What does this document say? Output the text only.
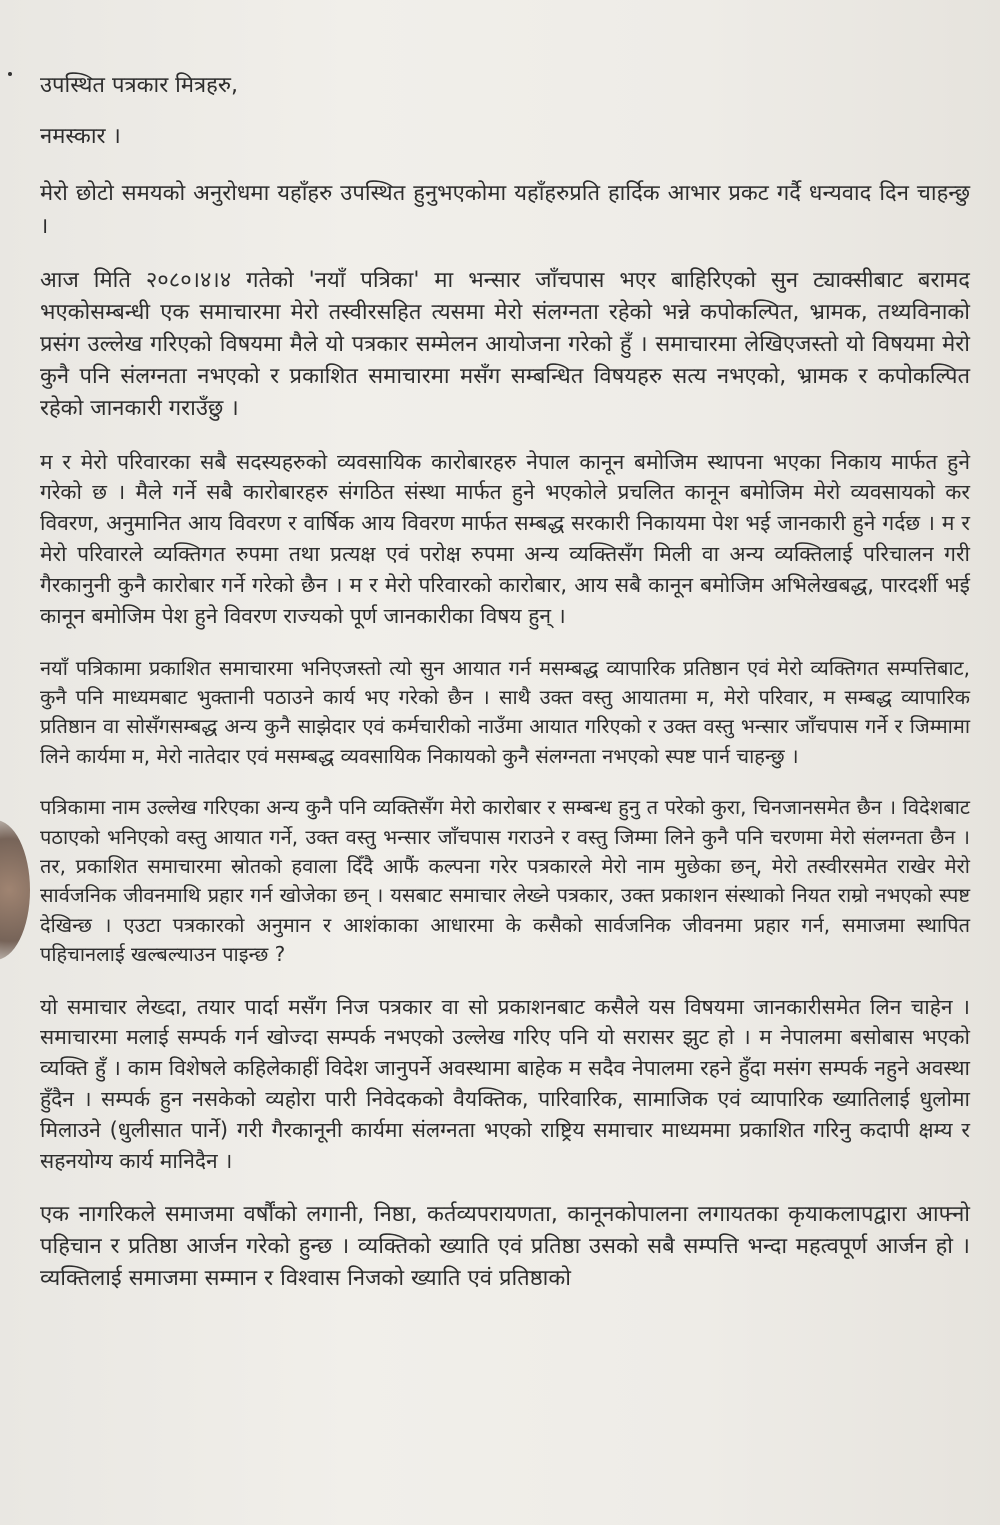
उपस्थित पत्रकार मित्रहरु,
नमस्कार ।

मेरो छोटो समयको अनुरोधमा यहाँहरु उपस्थित हुनुभएकोमा यहाँहरुप्रति हार्दिक आभार प्रकट गर्दै धन्यवाद दिन चाहन्छु ।

आज मिति २०८०।४।४ गतेको 'नयाँ पत्रिका' मा भन्सार जाँचपास भएर बाहिरिएको सुन ट्याक्सीबाट बरामद भएकोसम्बन्धी एक समाचारमा मेरो तस्वीरसहित त्यसमा मेरो संलग्नता रहेको भन्ने कपोकल्पित, भ्रामक, तथ्यविनाको प्रसंग उल्लेख गरिएको विषयमा मैले यो पत्रकार सम्मेलन आयोजना गरेको हुँ । समाचारमा लेखिएजस्तो यो विषयमा मेरो कुनै पनि संलग्नता नभएको र प्रकाशित समाचारमा मसँग सम्बन्धित विषयहरु सत्य नभएको, भ्रामक र कपोकल्पित रहेको जानकारी गराउँछु ।

म र मेरो परिवारका सबै सदस्यहरुको व्यवसायिक कारोबारहरु नेपाल कानून बमोजिम स्थापना भएका निकाय मार्फत हुने गरेको छ । मैले गर्ने सबै कारोबारहरु संगठित संस्था मार्फत हुने भएकोले प्रचलित कानून बमोजिम मेरो व्यवसायको कर विवरण, अनुमानित आय विवरण र वार्षिक आय विवरण मार्फत सम्बद्ध सरकारी निकायमा पेश भई जानकारी हुने गर्दछ । म र मेरो परिवारले व्यक्तिगत रुपमा तथा प्रत्यक्ष एवं परोक्ष रुपमा अन्य व्यक्तिसँग मिली वा अन्य व्यक्तिलाई परिचालन गरी गैरकानुनी कुनै कारोबार गर्ने गरेको छैन । म र मेरो परिवारको कारोबार, आय सबै कानून बमोजिम अभिलेखबद्ध, पारदर्शी भई कानून बमोजिम पेश हुने विवरण राज्यको पूर्ण जानकारीका विषय हुन् ।

नयाँ पत्रिकामा प्रकाशित समाचारमा भनिएजस्तो त्यो सुन आयात गर्न मसम्बद्ध व्यापारिक प्रतिष्ठान एवं मेरो व्यक्तिगत सम्पत्तिबाट, कुनै पनि माध्यमबाट भुक्तानी पठाउने कार्य भए गरेको छैन । साथै उक्त वस्तु आयातमा म, मेरो परिवार, म सम्बद्ध व्यापारिक प्रतिष्ठान वा सोसँगसम्बद्ध अन्य कुनै साझेदार एवं कर्मचारीको नाउँमा आयात गरिएको र उक्त वस्तु भन्सार जाँचपास गर्ने र जिम्मामा लिने कार्यमा म, मेरो नातेदार एवं मसम्बद्ध व्यवसायिक निकायको कुनै संलग्नता नभएको स्पष्ट पार्न चाहन्छु ।

पत्रिकामा नाम उल्लेख गरिएका अन्य कुनै पनि व्यक्तिसँग मेरो कारोबार र सम्बन्ध हुनु त परेको कुरा, चिनजानसमेत छैन । विदेशबाट पठाएको भनिएको वस्तु आयात गर्ने, उक्त वस्तु भन्सार जाँचपास गराउने र वस्तु जिम्मा लिने कुनै पनि चरणमा मेरो संलग्नता छैन । तर, प्रकाशित समाचारमा स्रोतको हवाला दिँदै आफैं कल्पना गरेर पत्रकारले मेरो नाम मुछेका छन्, मेरो तस्वीरसमेत राखेर मेरो सार्वजनिक जीवनमाथि प्रहार गर्न खोजेका छन् । यसबाट समाचार लेख्ने पत्रकार, उक्त प्रकाशन संस्थाको नियत राम्रो नभएको स्पष्ट देखिन्छ । एउटा पत्रकारको अनुमान र आशंकाका आधारमा के कसैको सार्वजनिक जीवनमा प्रहार गर्न, समाजमा स्थापित पहिचानलाई खल्बल्याउन पाइन्छ ?

यो समाचार लेख्दा, तयार पार्दा मसँग निज पत्रकार वा सो प्रकाशनबाट कसैले यस विषयमा जानकारीसमेत लिन चाहेन । समाचारमा मलाई सम्पर्क गर्न खोज्दा सम्पर्क नभएको उल्लेख गरिए पनि यो सरासर झुट हो । म नेपालमा बसोबास भएको व्यक्ति हुँ । काम विशेषले कहिलेकाहीं विदेश जानुपर्ने अवस्थामा बाहेक म सदैव नेपालमा रहने हुँदा मसंग सम्पर्क नहुने अवस्था हुँदैन । सम्पर्क हुन नसकेको व्यहोरा पारी निवेदकको वैयक्तिक, पारिवारिक, सामाजिक एवं व्यापारिक ख्यातिलाई धुलोमा मिलाउने (धुलीसात पार्ने) गरी गैरकानूनी कार्यमा संलग्नता भएको राष्ट्रिय समाचार माध्यममा प्रकाशित गरिनु कदापी क्षम्य र सहनयोग्य कार्य मानिदैन ।

एक नागरिकले समाजमा वर्षौंको लगानी, निष्ठा, कर्तव्यपरायणता, कानूनकोपालना लगायतका कृयाकलापद्वारा आफ्नो पहिचान र प्रतिष्ठा आर्जन गरेको हुन्छ । व्यक्तिको ख्याति एवं प्रतिष्ठा उसको सबै सम्पत्ति भन्दा महत्वपूर्ण आर्जन हो । व्यक्तिलाई समाजमा सम्मान र विश्वास निजको ख्याति एवं प्रतिष्ठाको
